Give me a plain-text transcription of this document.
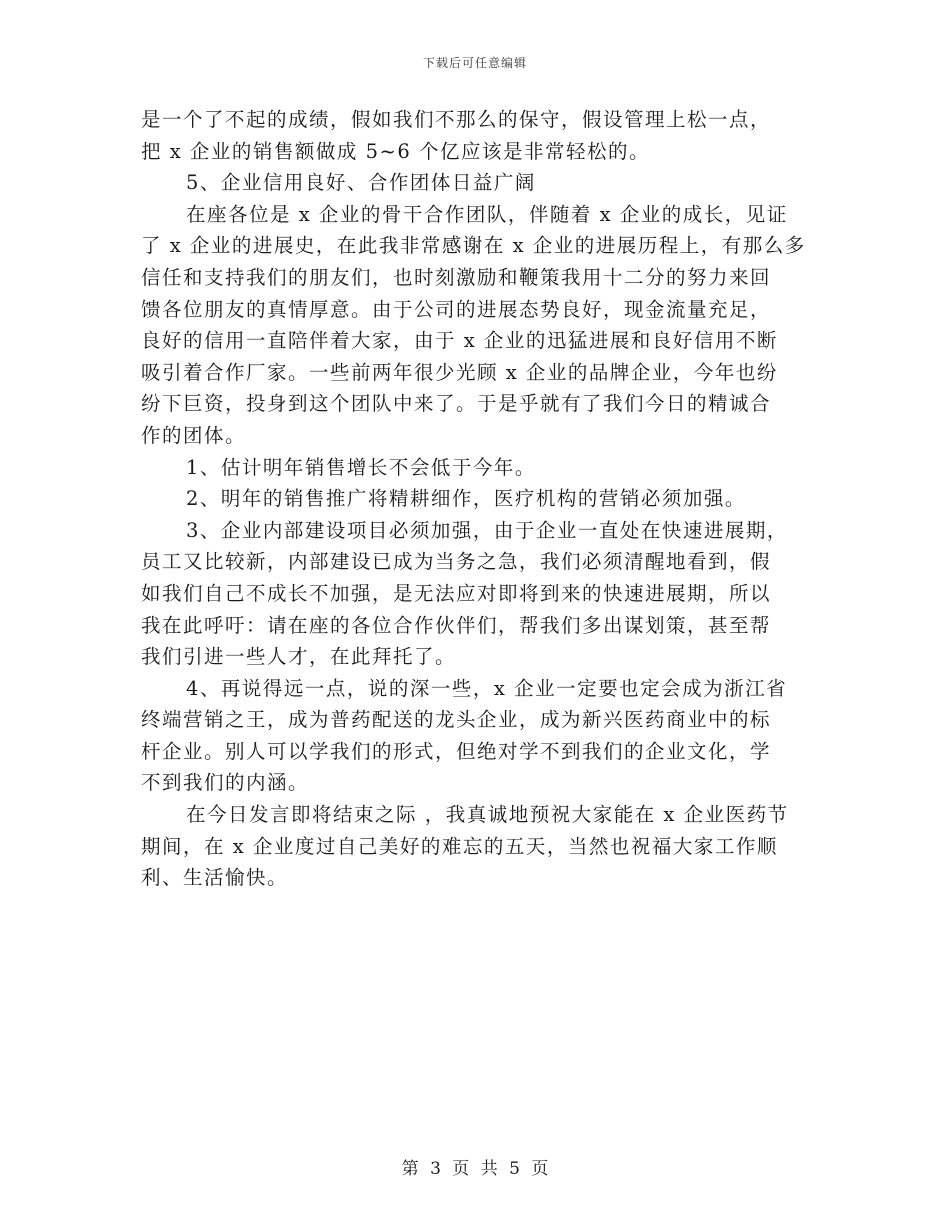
下载后可任意编辑
是一个了不起的成绩，假如我们不那么的保守，假设管理上松一点，
把 x 企业的销售额做成 5~6 个亿应该是非常轻松的。
5、企业信用良好、合作团体日益广阔
在座各位是 x 企业的骨干合作团队，伴随着 x 企业的成长，见证
了 x 企业的进展史，在此我非常感谢在 x 企业的进展历程上，有那么多
信任和支持我们的朋友们，也时刻激励和鞭策我用十二分的努力来回
馈各位朋友的真情厚意。由于公司的进展态势良好，现金流量充足，
良好的信用一直陪伴着大家，由于 x 企业的迅猛进展和良好信用不断
吸引着合作厂家。一些前两年很少光顾 x 企业的品牌企业，今年也纷
纷下巨资，投身到这个团队中来了。于是乎就有了我们今日的精诚合
作的团体。
1、估计明年销售增长不会低于今年。
2、明年的销售推广将精耕细作，医疗机构的营销必须加强。
3、企业内部建设项目必须加强，由于企业一直处在快速进展期，
员工又比较新，内部建设已成为当务之急，我们必须清醒地看到，假
如我们自己不成长不加强，是无法应对即将到来的快速进展期，所以
我在此呼吁：请在座的各位合作伙伴们，帮我们多出谋划策，甚至帮
我们引进一些人才，在此拜托了。
4、再说得远一点，说的深一些，x 企业一定要也定会成为浙江省
终端营销之王，成为普药配送的龙头企业，成为新兴医药商业中的标
杆企业。别人可以学我们的形式，但绝对学不到我们的企业文化，学
不到我们的内涵。
在今日发言即将结束之际 ，我真诚地预祝大家能在 x 企业医药节
期间，在 x 企业度过自己美好的难忘的五天，当然也祝福大家工作顺
利、生活愉快。
第 3 页 共 5 页
